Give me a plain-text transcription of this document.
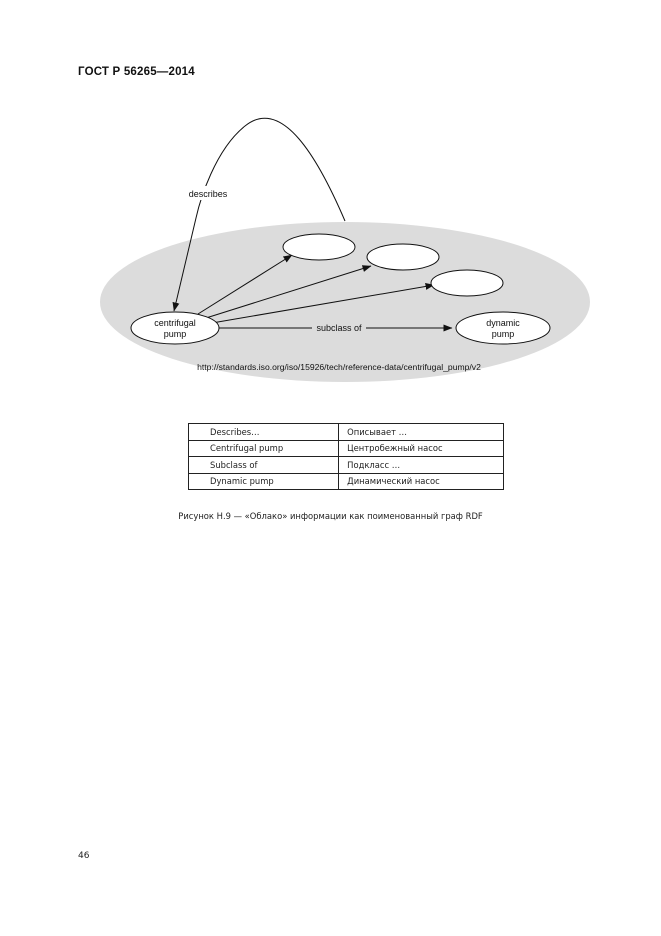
ГОСТ Р 56265—2014
describes
subclass of
centrifugal
pump
dynamic
pump
http://standards.iso.org/iso/15926/tech/reference-data/centrifugal_pump/v2
Describes…	Описывает …
Centrifugal pump	Центробежный насос
Subclass of	Подкласс …
Dynamic pump	Динамический насос
Рисунок Н.9 — «Облако» информации как поименованный граф RDF
46
